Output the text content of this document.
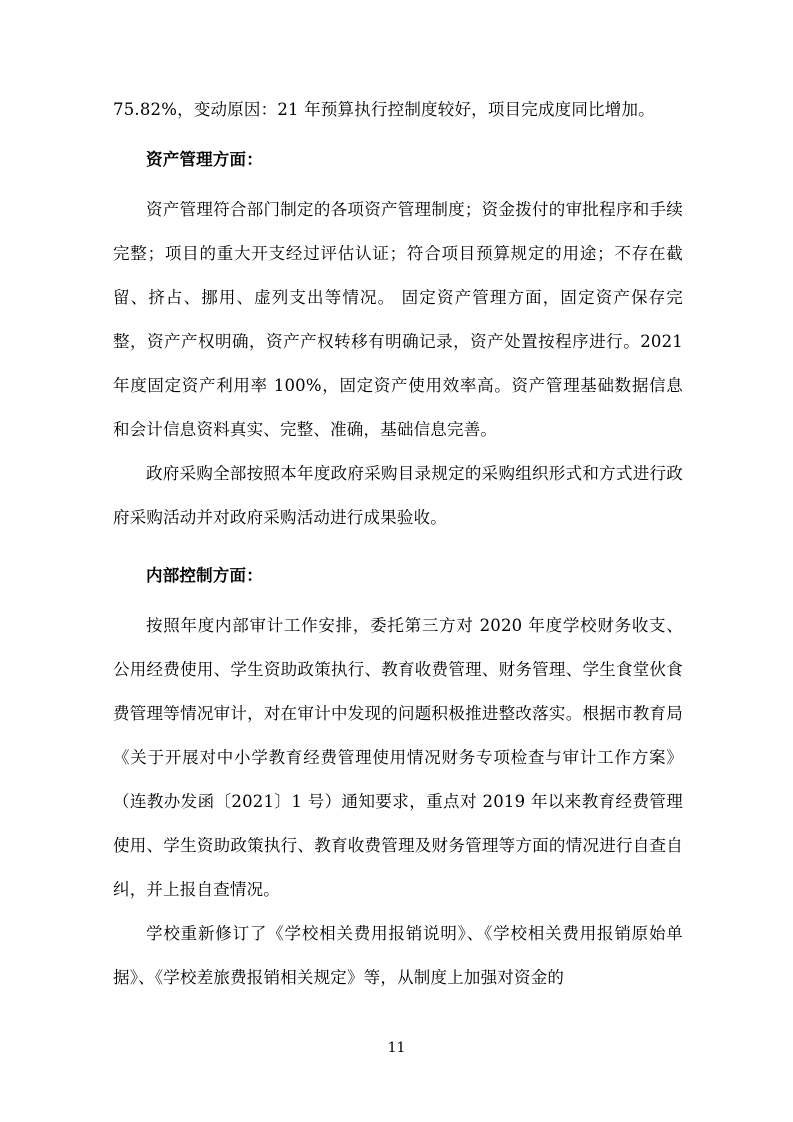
75.82%，变动原因：21 年预算执行控制度较好，项目完成度同比增加。

资产管理方面：

资产管理符合部门制定的各项资产管理制度；资金拨付的审批程序和手续完整；项目的重大开支经过评估认证；符合项目预算规定的用途；不存在截留、挤占、挪用、虚列支出等情况。 固定资产管理方面，固定资产保存完整，资产产权明确，资产产权转移有明确记录，资产处置按程序进行。2021 年度固定资产利用率 100%，固定资产使用效率高。资产管理基础数据信息和会计信息资料真实、完整、准确，基础信息完善。

政府采购全部按照本年度政府采购目录规定的采购组织形式和方式进行政府采购活动并对政府采购活动进行成果验收。

内部控制方面：

按照年度内部审计工作安排，委托第三方对 2020 年度学校财务收支、公用经费使用、学生资助政策执行、教育收费管理、财务管理、学生食堂伙食费管理等情况审计，对在审计中发现的问题积极推进整改落实。根据市教育局《关于开展对中小学教育经费管理使用情况财务专项检查与审计工作方案》（连教办发函〔2021〕1 号）通知要求，重点对 2019 年以来教育经费管理使用、学生资助政策执行、教育收费管理及财务管理等方面的情况进行自查自纠，并上报自查情况。

学校重新修订了《学校相关费用报销说明》、《学校相关费用报销原始单据》、《学校差旅费报销相关规定》等，从制度上加强对资金的

11
